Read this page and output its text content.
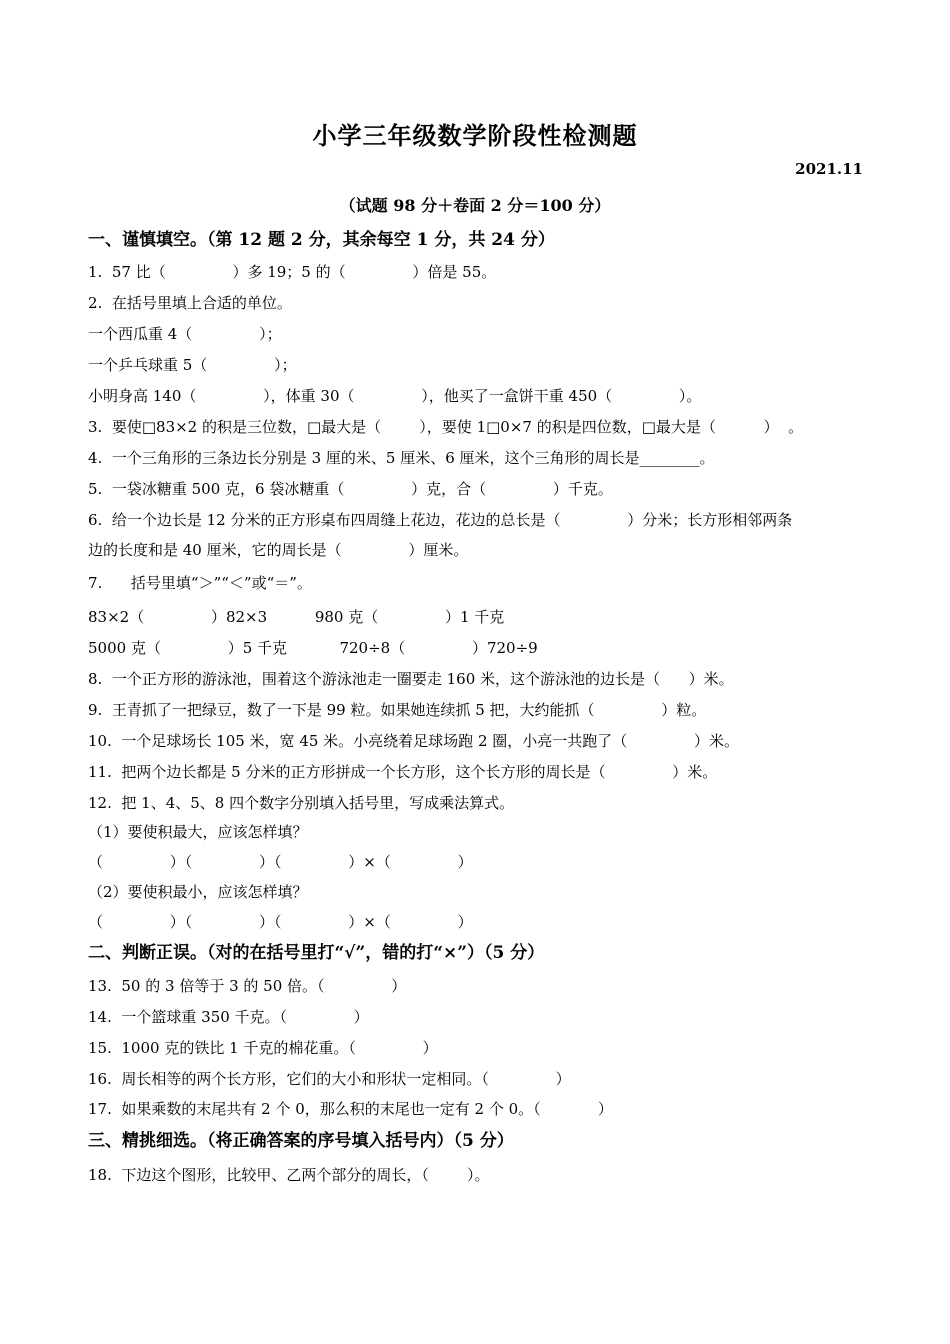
小学三年级数学阶段性检测题
2021.11
（试题 98 分＋卷面 2 分＝100 分）
一、谨慎填空。（第 12 题 2 分，其余每空 1 分，共 24 分）
1.  57 比（              ）多 19；5 的（              ）倍是 55。
2.  在括号里填上合适的单位。
一个西瓜重 4（              ）；
一个乒乓球重 5（              ）；
小明身高 140（              ），体重 30（              ），他买了一盒饼干重 450（              ）。
3.  要使□83×2 的积是三位数，□最大是（        ），要使 1□0×7 的积是四位数，□最大是（          ）  。
4.  一个三角形的三条边长分别是 3 厘的米、5 厘米、6 厘米，这个三角形的周长是________。
5.  一袋冰糖重 500 克，6 袋冰糖重（              ）克，合（              ）千克。
6.  给一个边长是 12 分米的正方形桌布四周缝上花边，花边的总长是（              ）分米；长方形相邻两条
边的长度和是 40 厘米，它的周长是（              ）厘米。
7.      括号里填“＞”“＜”或“＝”。
83×2（              ）82×3          980 克（              ）1 千克
5000 克（              ）5 千克           720÷8（              ）720÷9
8.  一个正方形的游泳池，围着这个游泳池走一圈要走 160 米，这个游泳池的边长是（      ）米。
9.  王青抓了一把绿豆，数了一下是 99 粒。如果她连续抓 5 把，大约能抓（              ）粒。
10.  一个足球场长 105 米，宽 45 米。小亮绕着足球场跑 2 圈，小亮一共跑了（              ）米。
11.  把两个边长都是 5 分米的正方形拼成一个长方形，这个长方形的周长是（              ）米。
12.  把 1、4、5、8 四个数字分别填入括号里，写成乘法算式。
（1）要使积最大，应该怎样填？
（              ）（              ）（              ）×（              ）
（2）要使积最小，应该怎样填？
（              ）（              ）（              ）×（              ）
二、判断正误。（对的在括号里打“√”，错的打“×”）（5 分）
13.  50 的 3 倍等于 3 的 50 倍。（              ）
14.  一个篮球重 350 千克。（              ）
15.  1000 克的铁比 1 千克的棉花重。（              ）
16.  周长相等的两个长方形，它们的大小和形状一定相同。（              ）
17.  如果乘数的末尾共有 2 个 0，那么积的末尾也一定有 2 个 0。（            ）
三、精挑细选。（将正确答案的序号填入括号内）（5 分）
18.  下边这个图形，比较甲、乙两个部分的周长，（        ）。
